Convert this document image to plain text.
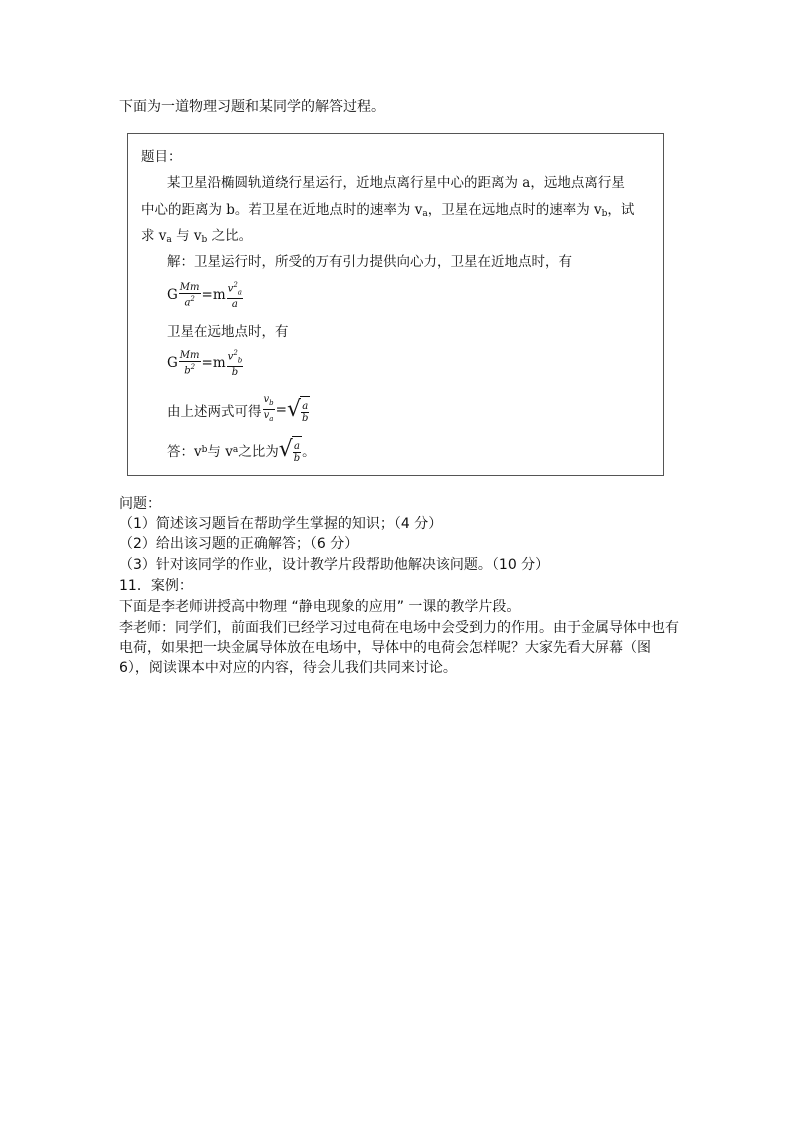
下面为一道物理习题和某同学的解答过程。
题目：
某卫星沿椭圆轨道绕行星运行，近地点离行星中心的距离为 a，远地点离行星
中心的距离为 b。若卫星在近地点时的速率为 $v_a$，卫星在远地点时的速率为 $v_b$，试
求 $v_a$ 与 $v_b$ 之比。
解：卫星运行时，所受的万有引力提供向心力，卫星在近地点时，有
G $\frac{Mm}{a^2} =m \frac{v^2_a}{a}$
卫星在远地点时，有
G $\frac{Mm}{b^2} =m \frac{v^2_b}{b}$
由上述两式可得 $\frac{v_b}{v_a}$ = √ $\frac{a}{b}$
答：v b 与 v a 之比为 √ $\frac{a}{b}$ 。
问题：
（1）简述该习题旨在帮助学生掌握的知识；（4 分）
（2）给出该习题的正确解答；（6 分）
（3）针对该同学的作业，设计教学片段帮助他解决该问题。（10 分）
11．案例：
下面是李老师讲授高中物理 “静电现象的应用” 一课的教学片段。
李老师：同学们，前面我们已经学习过电荷在电场中会受到力的作用。由于金属导体中也有电荷，如果把一块金属导体放在电场中，导体中的电荷会怎样呢？大家先看大屏幕（图6），阅读课本中对应的内容，待会儿我们共同来讨论。
